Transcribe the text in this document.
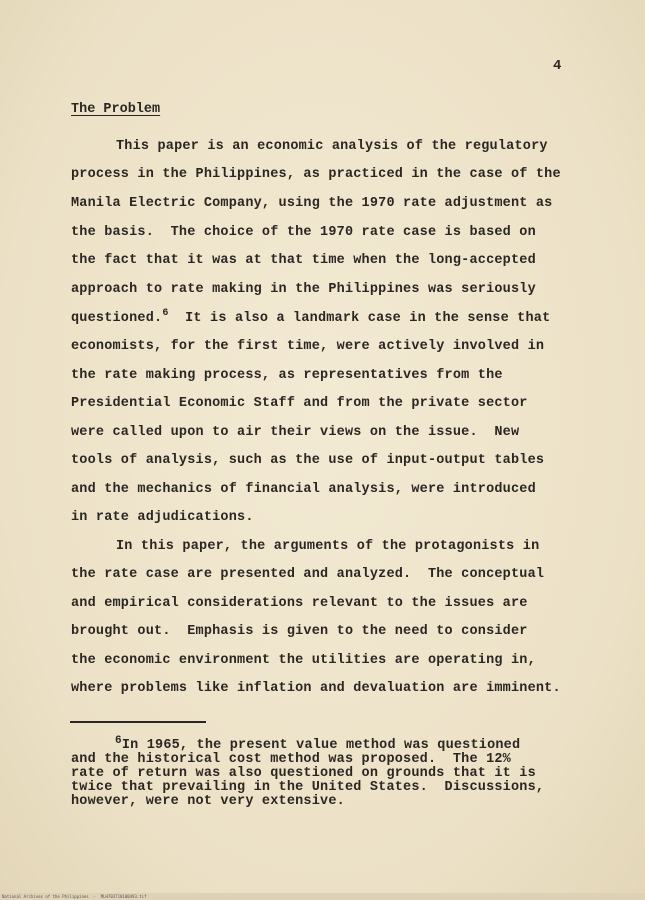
4
The Problem
This paper is an economic analysis of the regulatory
process in the Philippines, as practiced in the case of the
Manila Electric Company, using the 1970 rate adjustment as
the basis.  The choice of the 1970 rate case is based on
the fact that it was at that time when the long-accepted
approach to rate making in the Philippines was seriously
questioned.$^6$  It is also a landmark case in the sense that
economists, for the first time, were actively involved in
the rate making process, as representatives from the
Presidential Economic Staff and from the private sector
were called upon to air their views on the issue.  New
tools of analysis, such as the use of input-output tables
and the mechanics of financial analysis, were introduced
in rate adjudications.
In this paper, the arguments of the protagonists in
the rate case are presented and analyzed.  The conceptual
and empirical considerations relevant to the issues are
brought out.  Emphasis is given to the need to consider
the economic environment the utilities are operating in,
where problems like inflation and devaluation are imminent.
$^6$In 1965, the present value method was questioned
and the historical cost method was proposed.  The 12%
rate of return was also questioned on grounds that it is
twice that prevailing in the United States.  Discussions,
however, were not very extensive.
National Archives of the Philippines  ·  MLH703710100493.tif
